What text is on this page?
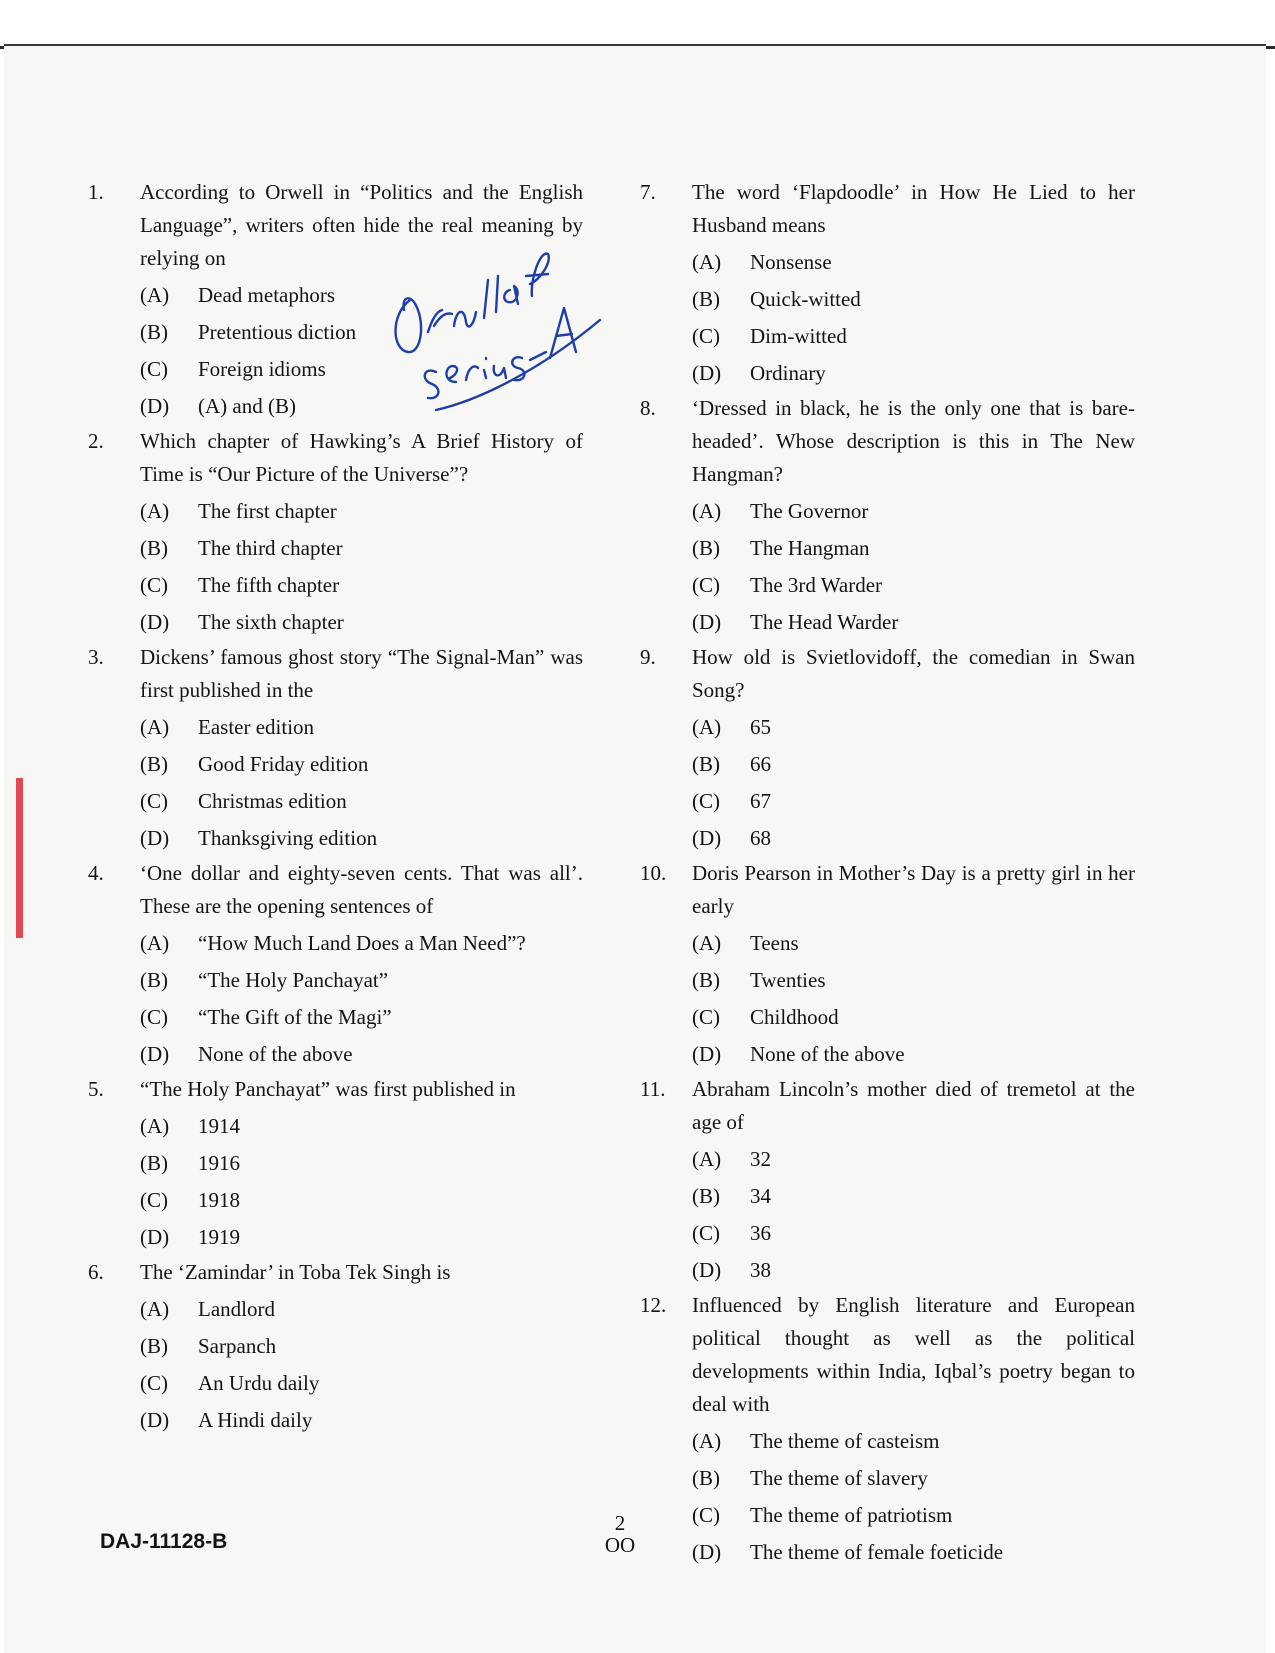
1.	According to Orwell in “Politics and the English Language”, writers often hide the real meaning by relying on
(A)	Dead metaphors
(B)	Pretentious diction
(C)	Foreign idioms
(D)	(A) and (B)
2.	Which chapter of Hawking’s A Brief History of Time is “Our Picture of the Universe”?
(A)	The first chapter
(B)	The third chapter
(C)	The fifth chapter
(D)	The sixth chapter
3.	Dickens’ famous ghost story “The Signal-Man” was first published in the
(A)	Easter edition
(B)	Good Friday edition
(C)	Christmas edition
(D)	Thanksgiving edition
4.	‘One dollar and eighty-seven cents. That was all’. These are the opening sentences of
(A)	“How Much Land Does a Man Need”?
(B)	“The Holy Panchayat”
(C)	“The Gift of the Magi”
(D)	None of the above
5.	“The Holy Panchayat” was first published in
(A)	1914
(B)	1916
(C)	1918
(D)	1919
6.	The ‘Zamindar’ in Toba Tek Singh is
(A)	Landlord
(B)	Sarpanch
(C)	An Urdu daily
(D)	A Hindi daily
7.	The word ‘Flapdoodle’ in How He Lied to her Husband means
(A)	Nonsense
(B)	Quick-witted
(C)	Dim-witted
(D)	Ordinary
8.	‘Dressed in black, he is the only one that is bare-headed’. Whose description is this in The New Hangman?
(A)	The Governor
(B)	The Hangman
(C)	The 3rd Warder
(D)	The Head Warder
9.	How old is Svietlovidoff, the comedian in Swan Song?
(A)	65
(B)	66
(C)	67
(D)	68
10.	Doris Pearson in Mother’s Day is a pretty girl in her early
(A)	Teens
(B)	Twenties
(C)	Childhood
(D)	None of the above
11.	Abraham Lincoln’s mother died of tremetol at the age of
(A)	32
(B)	34
(C)	36
(D)	38
12.	Influenced by English literature and European political thought as well as the political developments within India, Iqbal’s poetry began to deal with
(A)	The theme of casteism
(B)	The theme of slavery
(C)	The theme of patriotism
(D)	The theme of female foeticide
2
OO
DAJ-11128-B
